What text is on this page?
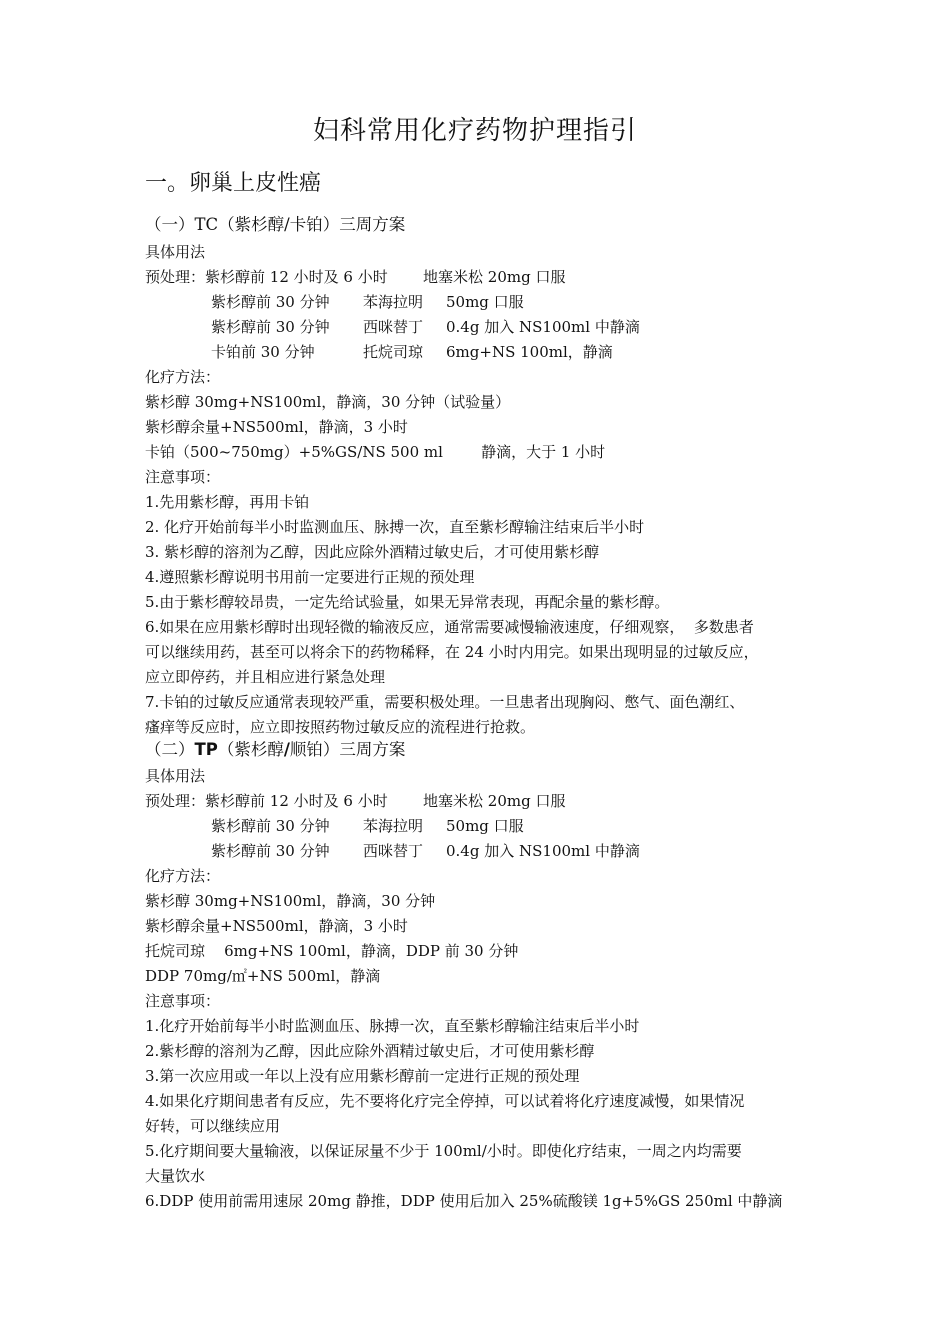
妇科常用化疗药物护理指引
一。卵巢上皮性癌
（一）TC（紫杉醇/卡铂）三周方案
具体用法
预处理：紫杉醇前 12 小时及 6 小时 地塞米松 20mg 口服
紫杉醇前 30 分钟 苯海拉明 50mg 口服
紫杉醇前 30 分钟 西咪替丁 0.4g 加入 NS100ml 中静滴
卡铂前 30 分钟	托烷司琼 6mg+NS 100ml，静滴
化疗方法：
紫杉醇 30mg+NS100ml，静滴，30 分钟（试验量）
紫杉醇余量+NS500ml，静滴，3 小时
卡铂（500~750mg）+5%GS/NS 500 ml        静滴，大于 1 小时
注意事项：
1.先用紫杉醇，再用卡铂
2. 化疗开始前每半小时监测血压、脉搏一次，直至紫杉醇输注结束后半小时
3. 紫杉醇的溶剂为乙醇，因此应除外酒精过敏史后，才可使用紫杉醇
4.遵照紫杉醇说明书用前一定要进行正规的预处理
5.由于紫杉醇较昂贵，一定先给试验量，如果无异常表现，再配余量的紫杉醇。
6.如果在应用紫杉醇时出现轻微的输液反应，通常需要减慢输液速度，仔细观察，  多数患者
可以继续用药，甚至可以将余下的药物稀释，在 24 小时内用完。如果出现明显的过敏反应，
应立即停药，并且相应进行紧急处理
7.卡铂的过敏反应通常表现较严重，需要积极处理。一旦患者出现胸闷、憋气、面色潮红、
瘙痒等反应时，应立即按照药物过敏反应的流程进行抢救。
（二）TP（紫杉醇/顺铂）三周方案
具体用法
预处理：紫杉醇前 12 小时及 6 小时 地塞米松 20mg 口服
紫杉醇前 30 分钟 苯海拉明 50mg 口服
紫杉醇前 30 分钟 西咪替丁 0.4g 加入 NS100ml 中静滴
化疗方法：
紫杉醇 30mg+NS100ml，静滴，30 分钟
紫杉醇余量+NS500ml，静滴，3 小时
托烷司琼    6mg+NS 100ml，静滴，DDP 前 30 分钟
DDP 70mg/㎡+NS 500ml，静滴
注意事项：
1.化疗开始前每半小时监测血压、脉搏一次，直至紫杉醇输注结束后半小时
2.紫杉醇的溶剂为乙醇，因此应除外酒精过敏史后，才可使用紫杉醇
3.第一次应用或一年以上没有应用紫杉醇前一定进行正规的预处理
4.如果化疗期间患者有反应，先不要将化疗完全停掉，可以试着将化疗速度减慢，如果情况
好转，可以继续应用
5.化疗期间要大量输液，以保证尿量不少于 100ml/小时。即使化疗结束，一周之内均需要
大量饮水
6.DDP 使用前需用速尿 20mg 静推，DDP 使用后加入 25%硫酸镁 1g+5%GS 250ml 中静滴
